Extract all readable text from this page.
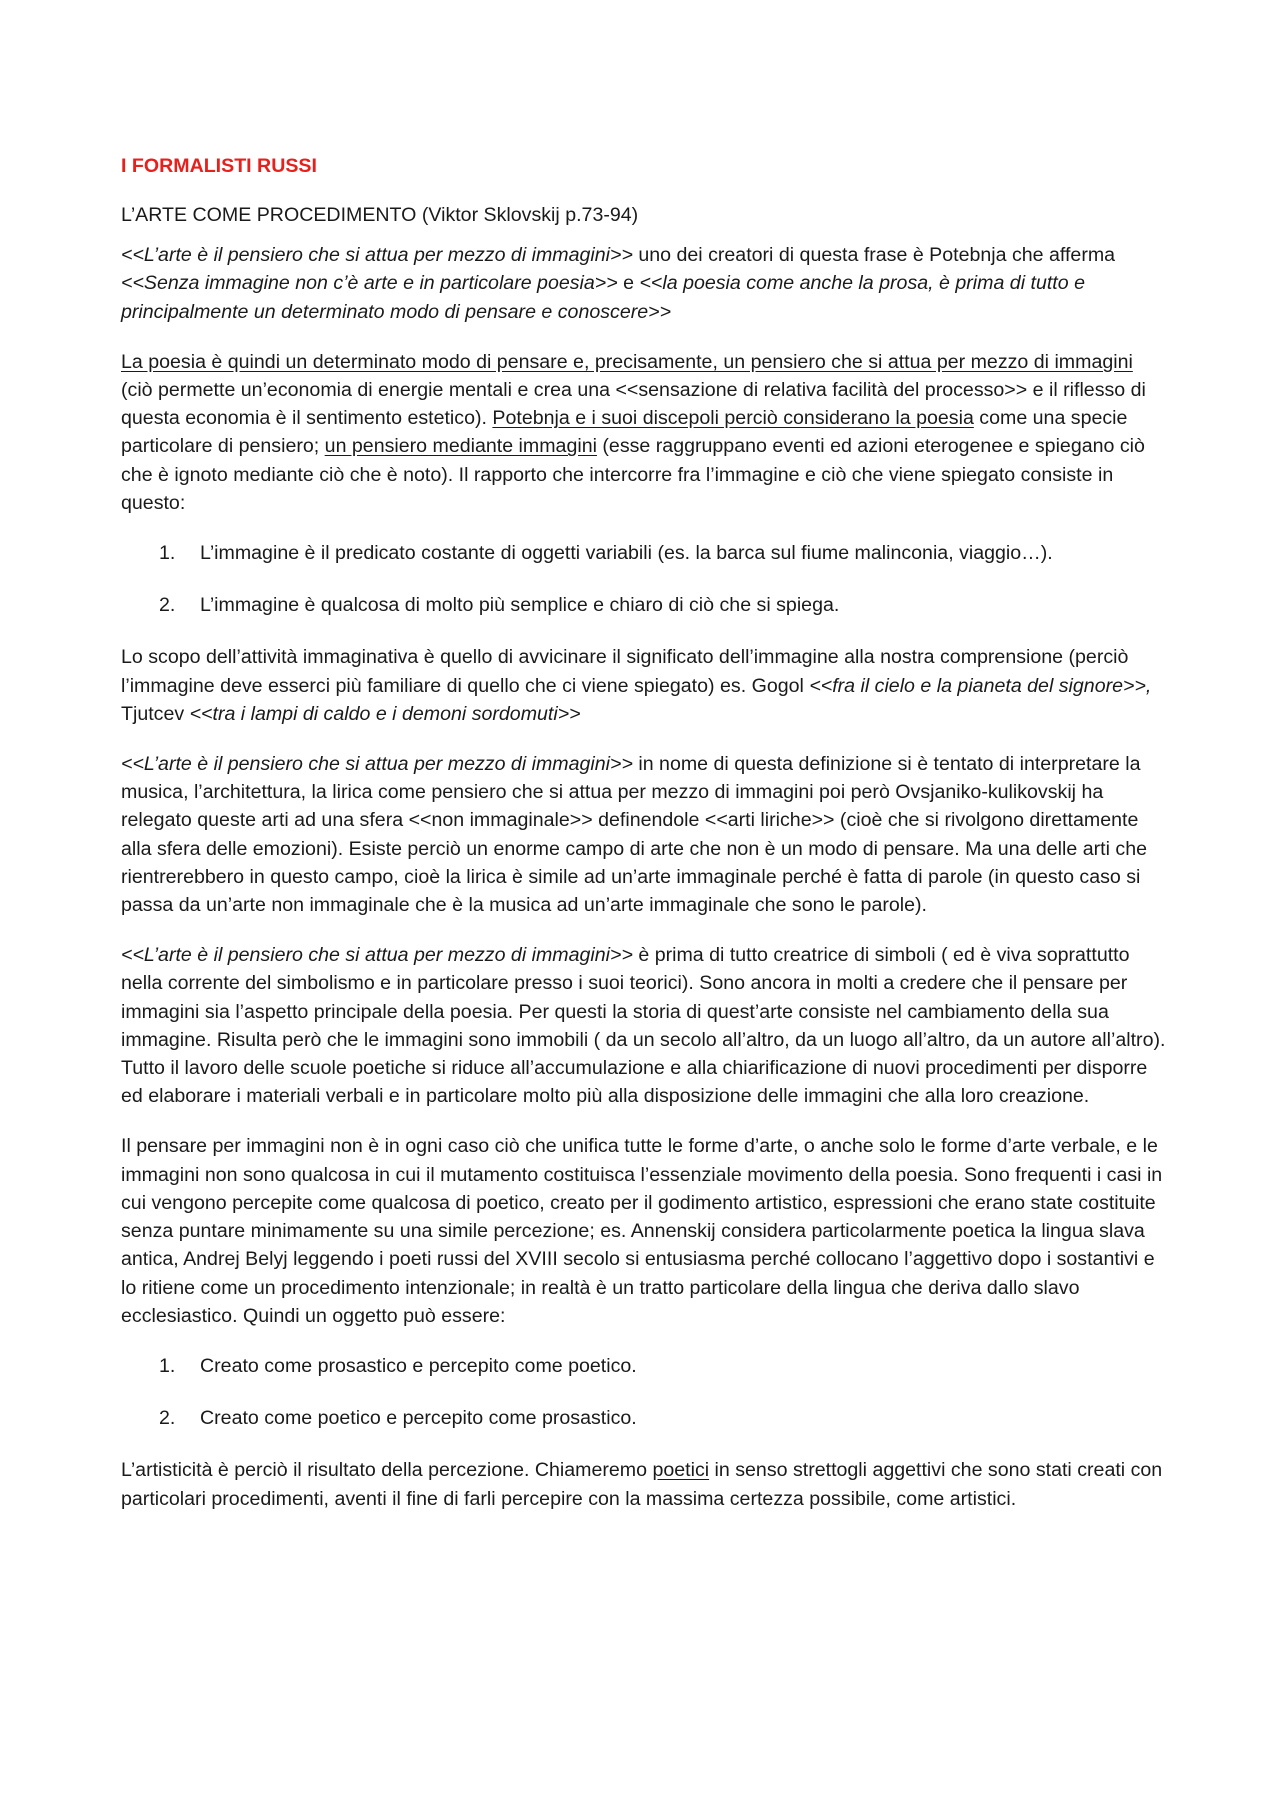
I FORMALISTI RUSSI
L’ARTE COME PROCEDIMENTO (Viktor Sklovskij p.73-94)

<<L’arte è il pensiero che si attua per mezzo di immagini>> uno dei creatori di questa frase è Potebnja che afferma <<Senza immagine non c’è arte e in particolare poesia>> e <<la poesia come anche la prosa, è prima di tutto e principalmente un determinato modo di pensare e conoscere>>

La poesia è quindi un determinato modo di pensare e, precisamente, un pensiero che si attua per mezzo di immagini (ciò permette un’economia di energie mentali e crea una <<sensazione di relativa facilità del processo>> e il riflesso di questa economia è il sentimento estetico). Potebnja e i suoi discepoli perciò considerano la poesia come una specie particolare di pensiero; un pensiero mediante immagini (esse raggruppano eventi ed azioni eterogenee e spiegano ciò che è ignoto mediante ciò che è noto). Il rapporto che intercorre fra l’immagine e ciò che viene spiegato consiste in questo:

1. L’immagine è il predicato costante di oggetti variabili (es. la barca sul fiume malinconia, viaggio…).
2. L’immagine è qualcosa di molto più semplice e chiaro di ciò che si spiega.

Lo scopo dell’attività immaginativa è quello di avvicinare il significato dell’immagine alla nostra comprensione (perciò l’immagine deve esserci più familiare di quello che ci viene spiegato) es. Gogol <<fra il cielo e la pianeta del signore>>, Tjutcev <<tra i lampi di caldo e i demoni sordomuti>>

<<L’arte è il pensiero che si attua per mezzo di immagini>> in nome di questa definizione si è tentato di interpretare la musica, l’architettura, la lirica come pensiero che si attua per mezzo di immagini poi però Ovsjaniko-kulikovskij ha relegato queste arti ad una sfera <<non immaginale>> definendole <<arti liriche>> (cioè che si rivolgono direttamente alla sfera delle emozioni). Esiste perciò un enorme campo di arte che non è un modo di pensare. Ma una delle arti che rientrerebbero in questo campo, cioè la lirica è simile ad un’arte immaginale perché è fatta di parole (in questo caso si passa da un’arte non immaginale che è la musica ad un’arte immaginale che sono le parole).

<<L’arte è il pensiero che si attua per mezzo di immagini>> è prima di tutto creatrice di simboli ( ed è viva soprattutto nella corrente del simbolismo e in particolare presso i suoi teorici). Sono ancora in molti a credere che il pensare per immagini sia l’aspetto principale della poesia. Per questi la storia di quest’arte consiste nel cambiamento della sua immagine. Risulta però che le immagini sono immobili ( da un secolo all’altro, da un luogo all’altro, da un autore all’altro). Tutto il lavoro delle scuole poetiche si riduce all’accumulazione e alla chiarificazione di nuovi procedimenti per disporre ed elaborare i materiali verbali e in particolare molto più alla disposizione delle immagini che alla loro creazione.

Il pensare per immagini non è in ogni caso ciò che unifica tutte le forme d’arte, o anche solo le forme d’arte verbale, e le immagini non sono qualcosa in cui il mutamento costituisca l’essenziale movimento della poesia. Sono frequenti i casi in cui vengono percepite come qualcosa di poetico, creato per il godimento artistico, espressioni che erano state costituite senza puntare minimamente su una simile percezione; es. Annenskij considera particolarmente poetica la lingua slava antica, Andrej Belyj leggendo i poeti russi del XVIII secolo si entusiasma perché collocano l’aggettivo dopo i sostantivi e lo ritiene come un procedimento intenzionale; in realtà è un tratto particolare della lingua che deriva dallo slavo ecclesiastico. Quindi un oggetto può essere:

1. Creato come prosastico e percepito come poetico.
2. Creato come poetico e percepito come prosastico.

L’artisticità è perciò il risultato della percezione. Chiameremo poetici in senso strettogli aggettivi che sono stati creati con particolari procedimenti, aventi il fine di farli percepire con la massima certezza possibile, come artistici.
